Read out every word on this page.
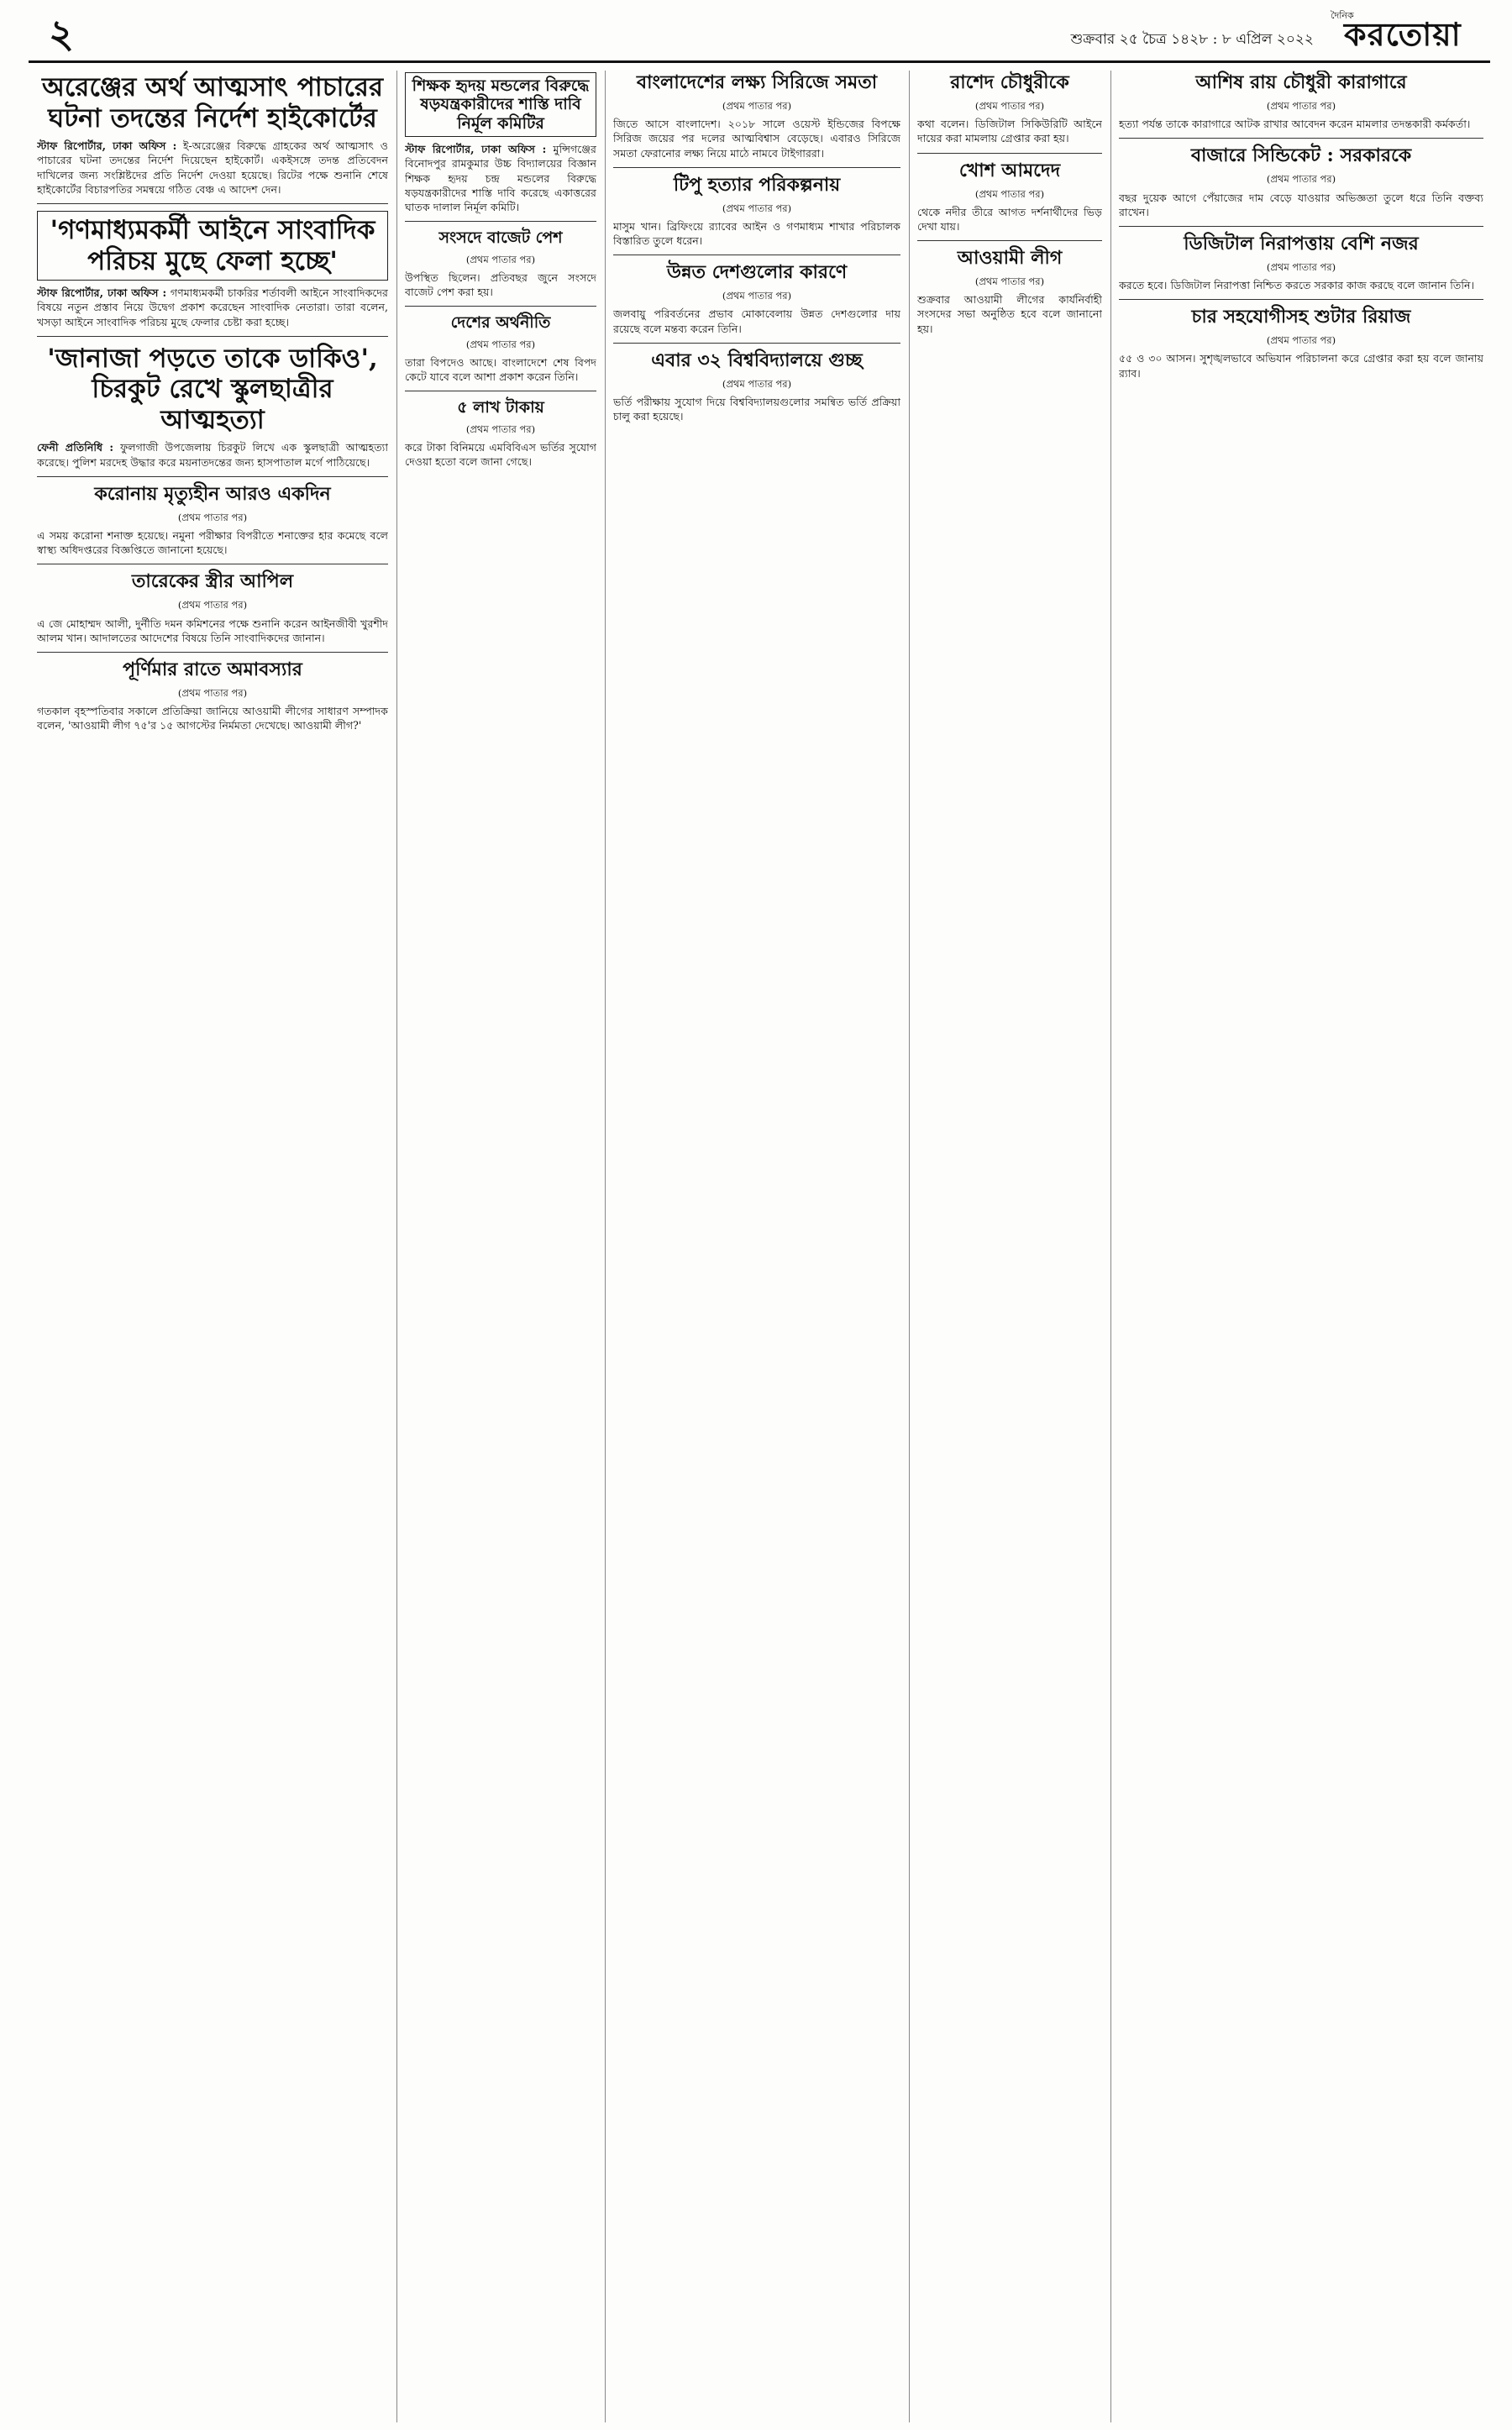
২	শুক্রবার ২৫ চৈত্র ১৪২৮ : ৮ এপ্রিল ২০২২
দৈনিক
করতোয়া
অরেঞ্জের অর্থ আত্মসাৎ পাচারের ঘটনা তদন্তের নির্দেশ হাইকোর্টের
স্টাফ রিপোর্টার, ঢাকা অফিস : ই-অরেঞ্জের বিরুদ্ধে গ্রাহকের অর্থ আত্মসাৎ ও পাচারের ঘটনা তদন্তের নির্দেশ দিয়েছেন হাইকোর্ট। একইসঙ্গে তদন্ত প্রতিবেদন দাখিলের জন্য সংশ্লিষ্টদের প্রতি নির্দেশ দেওয়া হয়েছে। রিটের পক্ষে শুনানি শেষে হাইকোর্টের বিচারপতির সমন্বয়ে গঠিত বেঞ্চ এ আদেশ দেন।
'গণমাধ্যমকর্মী আইনে সাংবাদিক পরিচয় মুছে ফেলা হচ্ছে'
স্টাফ রিপোর্টার, ঢাকা অফিস : গণমাধ্যমকর্মী চাকরির শর্তাবলী আইনে সাংবাদিকদের বিষয়ে নতুন প্রস্তাব নিয়ে উদ্বেগ প্রকাশ করেছেন সাংবাদিক নেতারা। তারা বলেন, খসড়া আইনে সাংবাদিক পরিচয় মুছে ফেলার চেষ্টা করা হচ্ছে।
'জানাজা পড়তে তাকে ডাকিও', চিরকুট রেখে স্কুলছাত্রীর আত্মহত্যা
ফেনী প্রতিনিধি : ফুলগাজী উপজেলায় চিরকুট লিখে এক স্কুলছাত্রী আত্মহত্যা করেছে। পুলিশ মরদেহ উদ্ধার করে ময়নাতদন্তের জন্য হাসপাতাল মর্গে পাঠিয়েছে।
করোনায় মৃত্যুহীন আরও একদিন
(প্রথম পাতার পর)
এ সময় করোনা শনাক্ত হয়েছে। নমুনা পরীক্ষার বিপরীতে শনাক্তের হার কমেছে বলে স্বাস্থ্য অধিদপ্তরের বিজ্ঞপ্তিতে জানানো হয়েছে।
তারেকের স্ত্রীর আপিল
(প্রথম পাতার পর)
এ জে মোহাম্মদ আলী, দুর্নীতি দমন কমিশনের পক্ষে শুনানি করেন আইনজীবী খুরশীদ আলম খান। আদালতের আদেশের বিষয়ে তিনি সাংবাদিকদের জানান।
পূর্ণিমার রাতে অমাবস্যার
(প্রথম পাতার পর)
গতকাল বৃহস্পতিবার সকালে প্রতিক্রিয়া জানিয়ে আওয়ামী লীগের সাধারণ সম্পাদক বলেন, 'আওয়ামী লীগ ৭৫'র ১৫ আগস্টের নির্মমতা দেখেছে। আওয়ামী লীগ?'
শিক্ষক হৃদয় মন্ডলের বিরুদ্ধে ষড়যন্ত্রকারীদের শাস্তি দাবি নির্মূল কমিটির
স্টাফ রিপোর্টার, ঢাকা অফিস : মুন্সিগঞ্জের বিনোদপুর রামকুমার উচ্চ বিদ্যালয়ের বিজ্ঞান শিক্ষক হৃদয় চন্দ্র মন্ডলের বিরুদ্ধে ষড়যন্ত্রকারীদের শাস্তি দাবি করেছে একাত্তরের ঘাতক দালাল নির্মূল কমিটি।
সংসদে বাজেট পেশ
(প্রথম পাতার পর)
উপস্থিত ছিলেন। প্রতিবছর জুনে সংসদে বাজেট পেশ করা হয়।
দেশের অর্থনীতি
(প্রথম পাতার পর)
তারা বিপদেও আছে। বাংলাদেশে শেষ বিপদ কেটে যাবে বলে আশা প্রকাশ করেন তিনি।
৫ লাখ টাকায়
(প্রথম পাতার পর)
করে টাকা বিনিময়ে এমবিবিএস ভর্তির সুযোগ দেওয়া হতো বলে জানা গেছে।
বাংলাদেশের লক্ষ্য সিরিজে সমতা
(প্রথম পাতার পর)
জিতে আসে বাংলাদেশ। ২০১৮ সালে ওয়েস্ট ইন্ডিজের বিপক্ষে সিরিজ জয়ের পর দলের আত্মবিশ্বাস বেড়েছে। এবারও সিরিজে সমতা ফেরানোর লক্ষ্য নিয়ে মাঠে নামবে টাইগাররা।
টিপু হত্যার পরিকল্পনায়
(প্রথম পাতার পর)
মাসুম খান। ব্রিফিংয়ে র‍্যাবের আইন ও গণমাধ্যম শাখার পরিচালক বিস্তারিত তুলে ধরেন।
উন্নত দেশগুলোর কারণে
(প্রথম পাতার পর)
জলবায়ু পরিবর্তনের প্রভাব মোকাবেলায় উন্নত দেশগুলোর দায় রয়েছে বলে মন্তব্য করেন তিনি।
এবার ৩২ বিশ্ববিদ্যালয়ে গুচ্ছ
(প্রথম পাতার পর)
ভর্তি পরীক্ষায় সুযোগ দিয়ে বিশ্ববিদ্যালয়গুলোর সমন্বিত ভর্তি প্রক্রিয়া চালু করা হয়েছে।
রাশেদ চৌধুরীকে
(প্রথম পাতার পর)
কথা বলেন। ডিজিটাল সিকিউরিটি আইনে দায়ের করা মামলায় গ্রেপ্তার করা হয়।
খোশ আমদেদ
(প্রথম পাতার পর)
থেকে নদীর তীরে আগত দর্শনার্থীদের ভিড় দেখা যায়।
আওয়ামী লীগ
(প্রথম পাতার পর)
শুক্রবার আওয়ামী লীগের কার্যনির্বাহী সংসদের সভা অনুষ্ঠিত হবে বলে জানানো হয়।
আশিষ রায় চৌধুরী কারাগারে
(প্রথম পাতার পর)
হত্যা পর্যন্ত তাকে কারাগারে আটক রাখার আবেদন করেন মামলার তদন্তকারী কর্মকর্তা।
বাজারে সিন্ডিকেট : সরকারকে
(প্রথম পাতার পর)
বছর দুয়েক আগে পেঁয়াজের দাম বেড়ে যাওয়ার অভিজ্ঞতা তুলে ধরে তিনি বক্তব্য রাখেন।
ডিজিটাল নিরাপত্তায় বেশি নজর
(প্রথম পাতার পর)
করতে হবে। ডিজিটাল নিরাপত্তা নিশ্চিত করতে সরকার কাজ করছে বলে জানান তিনি।
চার সহযোগীসহ শুটার রিয়াজ
(প্রথম পাতার পর)
৫৫ ও ৩০ আসন। সুশৃঙ্খলভাবে অভিযান পরিচালনা করে গ্রেপ্তার করা হয় বলে জানায় র‍্যাব।
